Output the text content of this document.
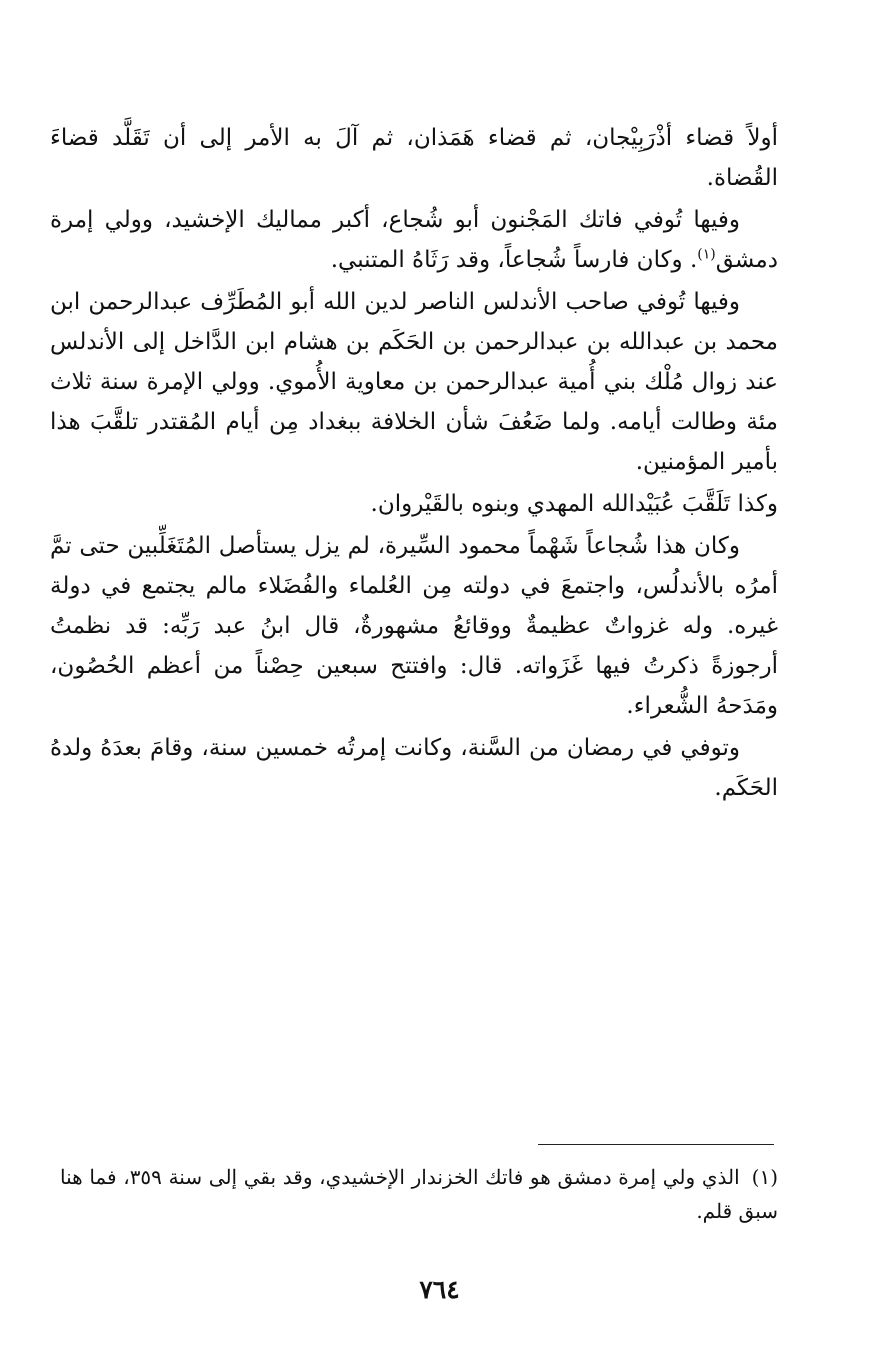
أولاً قضاء أذْرَبِيْجان، ثم قضاء هَمَذان، ثم آلَ به الأمر إلى أن تَقَلَّد قضاءَ القُضاة.

وفيها تُوفي فاتك المَجْنون أبو شُجاع، أكبر مماليك الإخشيد، وولي إمرة دمشق$^{(١)}$. وكان فارساً شُجاعاً، وقد رَثَاهُ المتنبي.

وفيها تُوفي صاحب الأندلس الناصر لدين الله أبو المُطَرِّف عبدالرحمن ابن محمد بن عبدالله بن عبدالرحمن بن الحَكَم بن هشام ابن الدَّاخل إلى الأندلس عند زوال مُلْك بني أُمية عبدالرحمن بن معاوية الأُموي. وولي الإمرة سنة ثلاث مئة وطالت أيامه. ولما ضَعُفَ شأن الخلافة ببغداد مِن أيام المُقتدر تلقَّبَ هذا بأمير المؤمنين.

وكذا تَلَقَّبَ عُبَيْدالله المهدي وبنوه بالقَيْروان.

وكان هذا شُجاعاً شَهْماً محمود السِّيرة، لم يزل يستأصل المُتَغَلِّبين حتى تمَّ أمرُه بالأندلُس، واجتمعَ في دولته مِن العُلماء والفُضَلاء مالم يجتمع في دولة غيره. وله غزواتٌ عظيمةٌ ووقائعُ مشهورةٌ، قال ابنُ عبد رَبِّه: قد نظمتُ أرجوزةً ذكرتُ فيها غَزَواته. قال: وافتتح سبعين حِصْناً من أعظم الحُصُون، ومَدَحهُ الشُّعراء.

وتوفي في رمضان من السَّنة، وكانت إمرتُه خمسين سنة، وقامَ بعدَهُ ولدهُ الحَكَم.

(١)الذي ولي إمرة دمشق هو فاتك الخزندار الإخشيدي، وقد بقي إلى سنة ٣٥٩، فما هنا سبق قلم.
٧٦٤
